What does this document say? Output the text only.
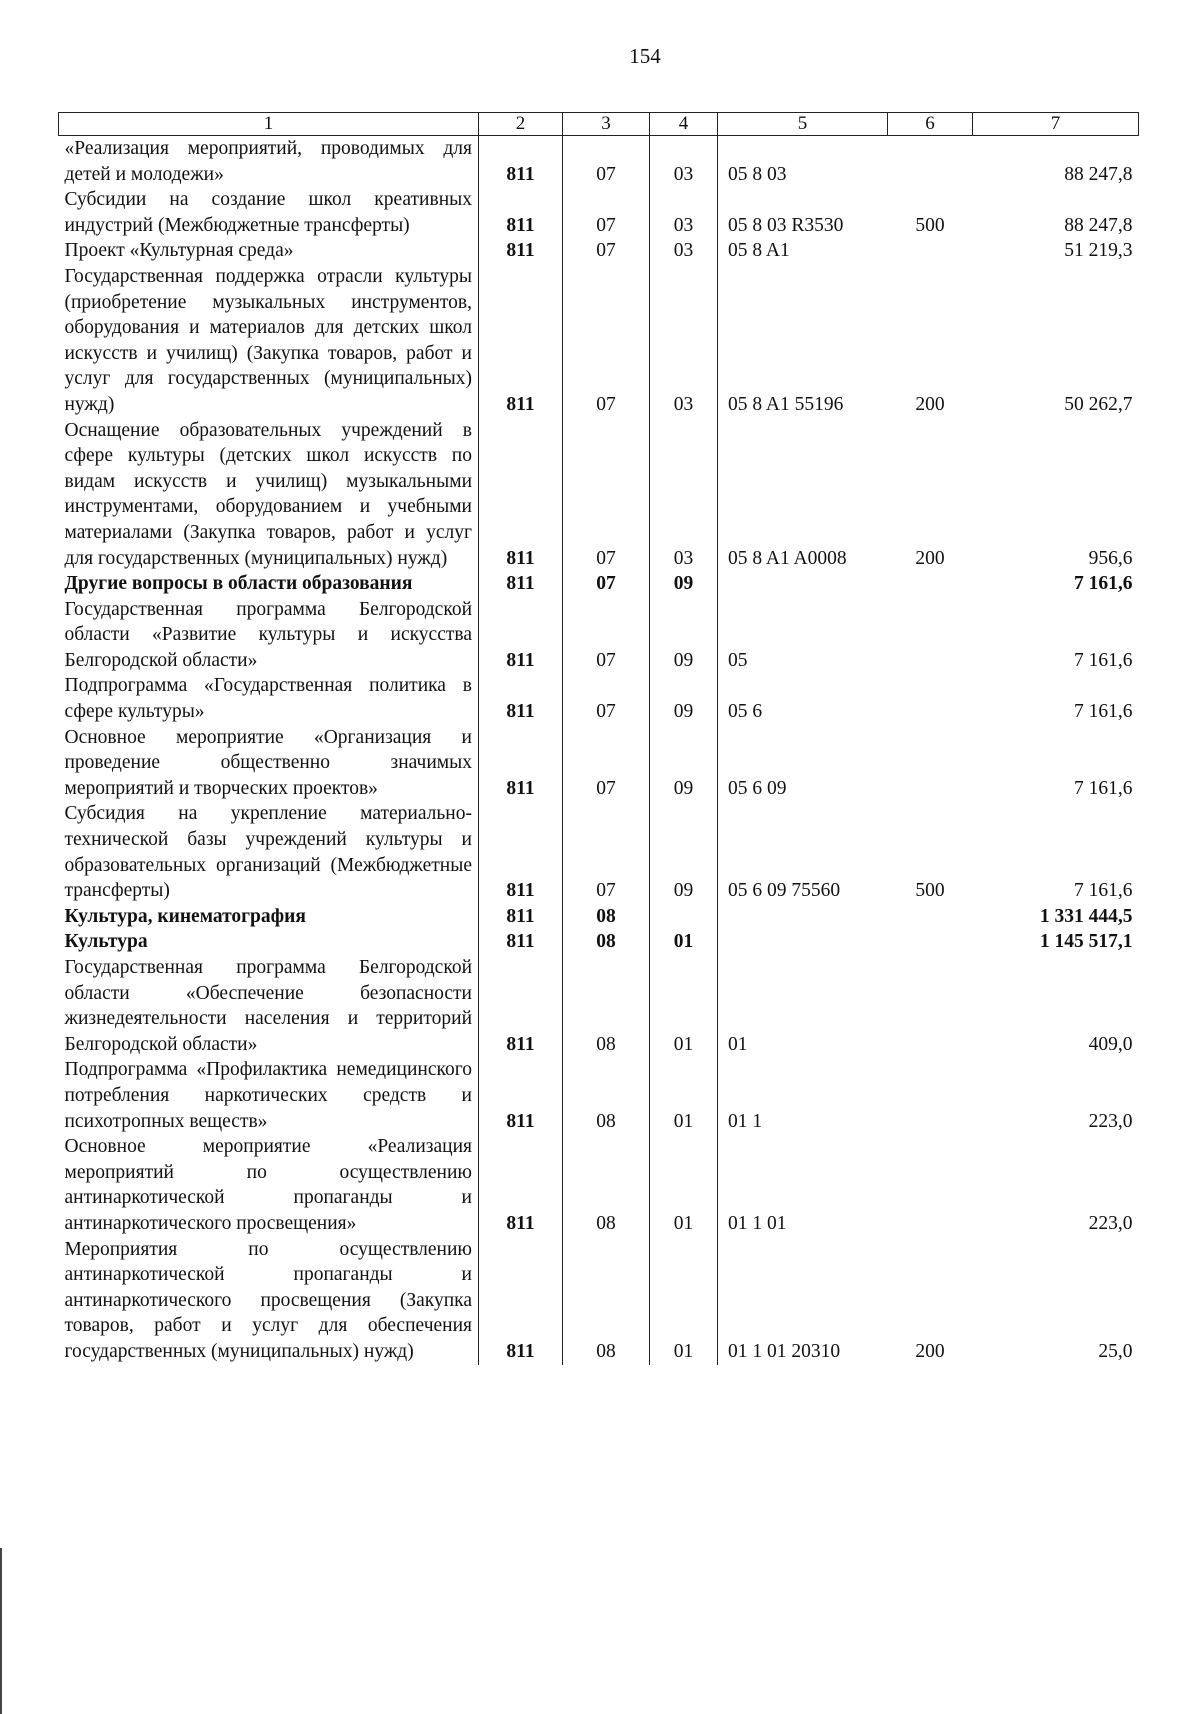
154
1	2	3	4	5	6	7
«Реализация мероприятий, проводимых для детей и молодежи»	811	07	03	05 8 03		88 247,8
Субсидии на создание школ креативных индустрий (Межбюджетные трансферты)	811	07	03	05 8 03 R3530	500	88 247,8
Проект «Культурная среда»	811	07	03	05 8 A1		51 219,3
Государственная поддержка отрасли культуры (приобретение музыкальных инструментов, оборудования и материалов для детских школ искусств и училищ) (Закупка товаров, работ и услуг для государственных (муниципальных) нужд)	811	07	03	05 8 A1 55196	200	50 262,7
Оснащение образовательных учреждений в сфере культуры (детских школ искусств по видам искусств и училищ) музыкальными инструментами, оборудованием и учебными материалами (Закупка товаров, работ и услуг для государственных (муниципальных) нужд)	811	07	03	05 8 A1 A0008	200	956,6
Другие вопросы в области образования	811	07	09			7 161,6
Государственная программа Белгородской области «Развитие культуры и искусства Белгородской области»	811	07	09	05		7 161,6
Подпрограмма «Государственная политика в сфере культуры»	811	07	09	05 6		7 161,6
Основное мероприятие «Организация и проведение общественно значимых мероприятий и творческих проектов»	811	07	09	05 6 09		7 161,6
Субсидия на укрепление материально-технической базы учреждений культуры и образовательных организаций (Межбюджетные трансферты)	811	07	09	05 6 09 75560	500	7 161,6
Культура, кинематография	811	08				1 331 444,5
Культура	811	08	01			1 145 517,1
Государственная программа Белгородской области «Обеспечение безопасности жизнедеятельности населения и территорий Белгородской области»	811	08	01	01		409,0
Подпрограмма «Профилактика немедицинского потребления наркотических средств и психотропных веществ»	811	08	01	01 1		223,0
Основное мероприятие «Реализация мероприятий по осуществлению антинаркотической пропаганды и антинаркотического просвещения»	811	08	01	01 1 01		223,0
Мероприятия по осуществлению антинаркотической пропаганды и антинаркотического просвещения (Закупка товаров, работ и услуг для обеспечения государственных (муниципальных) нужд)	811	08	01	01 1 01 20310	200	25,0
